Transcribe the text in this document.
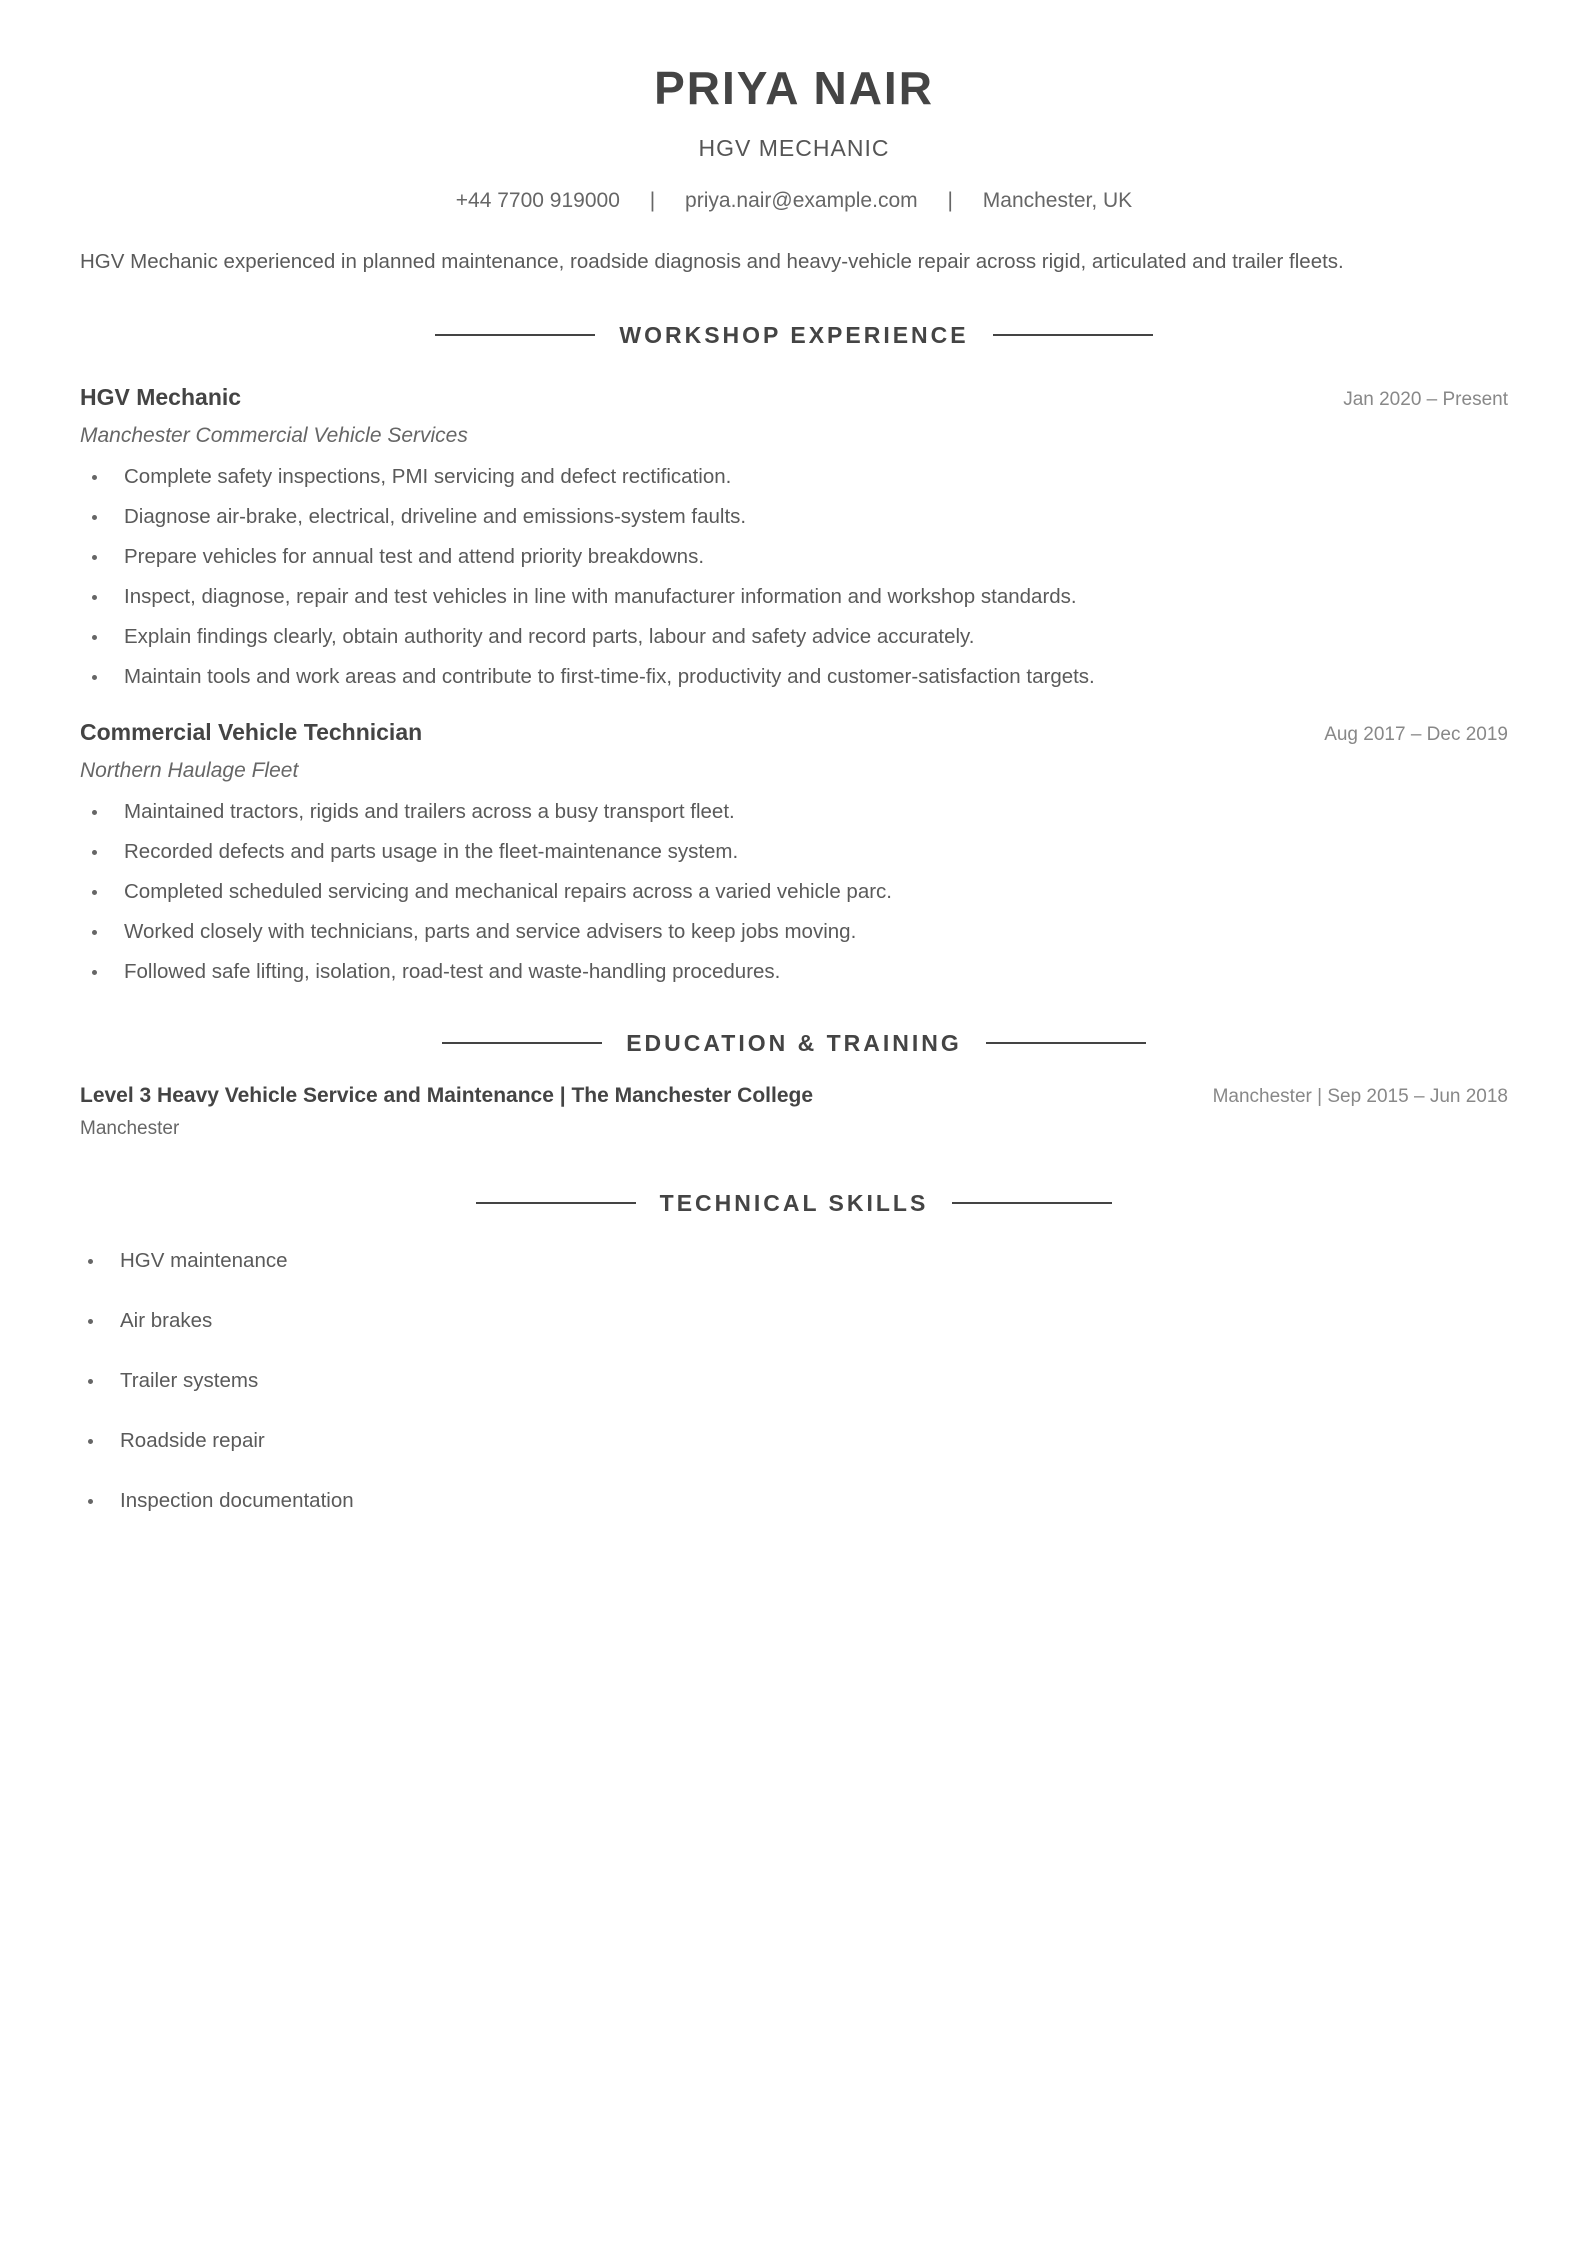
PRIYA NAIR
HGV MECHANIC
+44 7700 919000 | priya.nair@example.com | Manchester, UK
HGV Mechanic experienced in planned maintenance, roadside diagnosis and heavy-vehicle repair across rigid, articulated and trailer fleets.
WORKSHOP EXPERIENCE
HGV Mechanic	Jan 2020 – Present
Manchester Commercial Vehicle Services
Complete safety inspections, PMI servicing and defect rectification.
Diagnose air-brake, electrical, driveline and emissions-system faults.
Prepare vehicles for annual test and attend priority breakdowns.
Inspect, diagnose, repair and test vehicles in line with manufacturer information and workshop standards.
Explain findings clearly, obtain authority and record parts, labour and safety advice accurately.
Maintain tools and work areas and contribute to first-time-fix, productivity and customer-satisfaction targets.
Commercial Vehicle Technician	Aug 2017 – Dec 2019
Northern Haulage Fleet
Maintained tractors, rigids and trailers across a busy transport fleet.
Recorded defects and parts usage in the fleet-maintenance system.
Completed scheduled servicing and mechanical repairs across a varied vehicle parc.
Worked closely with technicians, parts and service advisers to keep jobs moving.
Followed safe lifting, isolation, road-test and waste-handling procedures.
EDUCATION & TRAINING
Level 3 Heavy Vehicle Service and Maintenance | The Manchester College	Manchester | Sep 2015 – Jun 2018
Manchester
TECHNICAL SKILLS
HGV maintenance
Air brakes
Trailer systems
Roadside repair
Inspection documentation
